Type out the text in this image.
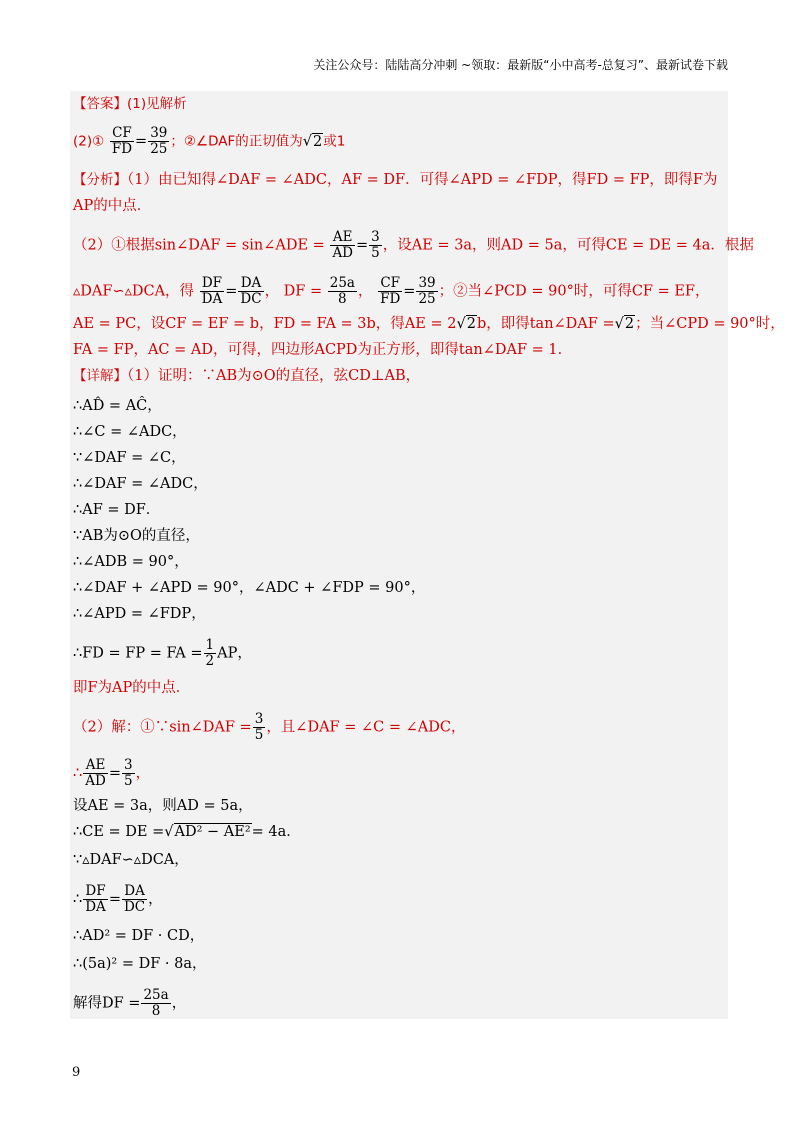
关注公众号：陆陆高分冲刺 ~领取：最新版“小中高考-总复习”、最新试卷下载
【答案】(1)见解析
(2)① $\frac{CF}{FD} = \frac{39}{25}$ ；②∠DAF的正切值为√2或1
【分析】（1）由已知得∠DAF = ∠ADC，AF = DF．可得∠APD = ∠FDP，得FD = FP，即得F为
AP的中点．
（2）①根据sin∠DAF = sin∠ADE = $\frac{AE}{AD} = \frac{3}{5}$ ，设AE = 3a，则AD = 5a，可得CE = DE = 4a．根据
▵DAF∽▵DCA，得 $\frac{DF}{DA} = \frac{DA}{DC}$ ， DF = $\frac{25a}{8}$ ， $\frac{CF}{FD} = \frac{39}{25}$ ；②当∠PCD = 90°时，可得CF = EF，
AE = PC，设CF = EF = b，FD = FA = 3b，得AE = 2√2b，即得tan∠DAF =√2；当∠CPD = 90°时，
FA = FP，AC = AD，可得，四边形ACPD为正方形，即得tan∠DAF = 1．
【详解】（1）证明：∵AB为⊙O的直径，弦CD⊥AB，
∴AD̂ = AĈ，
∴∠C = ∠ADC，
∵∠DAF = ∠C，
∴∠DAF = ∠ADC，
∴AF = DF．
∵AB为⊙O的直径，
∴∠ADB = 90°，
∴∠DAF + ∠APD = 90°，∠ADC + ∠FDP = 90°，
∴∠APD = ∠FDP，
∴FD = FP = FA = $\frac{1}{2}$ AP，
即F为AP的中点．
（2）解：①∵sin∠DAF = $\frac{3}{5}$ ，且∠DAF = ∠C = ∠ADC，
∴ $\frac{AE}{AD} = \frac{3}{5}$ ，
设AE = 3a，则AD = 5a，
∴CE = DE =√AD² − AE²= 4a．
∵▵DAF∽▵DCA，
∴ $\frac{DF}{DA} = \frac{DA}{DC}$ ，
∴AD² = DF · CD，
∴(5a)² = DF · 8a，
解得DF = $\frac{25a}{8}$ ，
9
